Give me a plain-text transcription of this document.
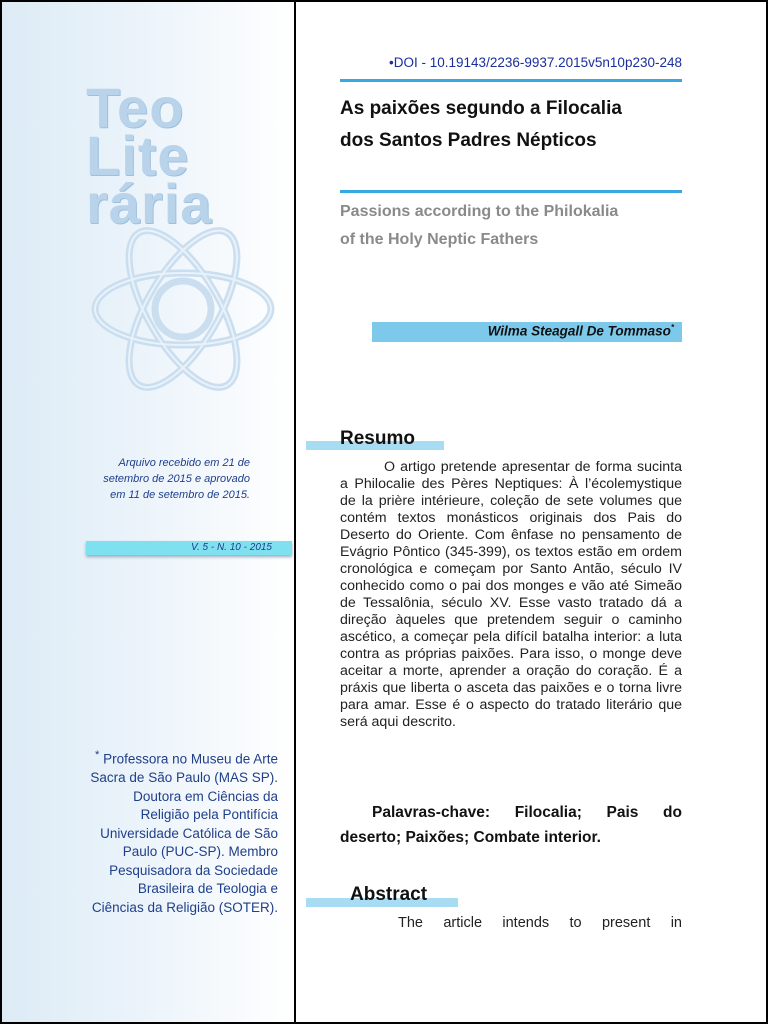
Teo
Lite
rária
Arquivo recebido em 21 de setembro de 2015 e aprovado em 11 de setembro de 2015.
V. 5 - N. 10 - 2015
* Professora no Museu de Arte Sacra de São Paulo (MAS SP). Doutora em Ciências da Religião pela Pontifícia Universidade Católica de São Paulo (PUC-SP). Membro Pesquisadora da Sociedade Brasileira de Teologia e Ciências da Religião (SOTER).
•DOI - 10.19143/2236-9937.2015v5n10p230-248
As paixões segundo a Filocalia
dos Santos Padres Népticos
Passions according to the Philokalia
of the Holy Neptic Fathers
Wilma Steagall De Tommaso*
Resumo

O artigo pretende apresentar de forma sucinta a Philocalie des Pères Neptiques: À l’écolemystique de la prière intérieure, coleção de sete volumes que contém textos monásticos originais dos Pais do Deserto do Oriente. Com ênfase no pensamento de Evágrio Pôntico (345-399), os textos estão em ordem cronológica e começam por Santo Antão, século IV conhecido como o pai dos monges e vão até Simeão de Tessalônia, século XV. Esse vasto tratado dá a direção àqueles que pretendem seguir o caminho ascético, a começar pela difícil batalha interior: a luta contra as próprias paixões. Para isso, o monge deve aceitar a morte, aprender a oração do coração. É a práxis que liberta o asceta das paixões e o torna livre para amar. Esse é o aspecto do tratado literário que será aqui descrito.

Palavras-chave: Filocalia; Pais do deserto; Paixões; Combate interior.
Abstract
The article intends to present in
